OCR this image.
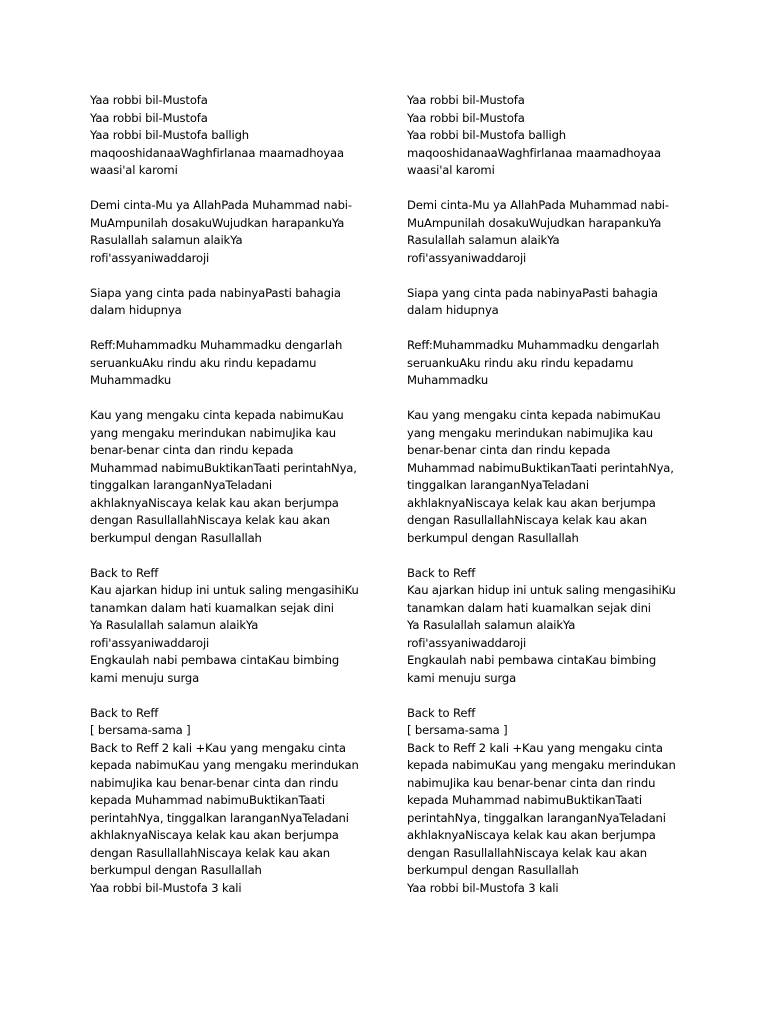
Yaa robbi bil-Mustofa
Yaa robbi bil-Mustofa
Yaa robbi bil-Mustofa balligh
maqooshidanaaWaghfirlanaa maamadhoyaa
waasi'al karomi
Demi cinta-Mu ya AllahPada Muhammad nabi-
MuAmpunilah dosakuWujudkan harapankuYa
Rasulallah salamun alaikYa
rofi'assyaniwaddaroji
Siapa yang cinta pada nabinyaPasti bahagia
dalam hidupnya
Reff:Muhammadku Muhammadku dengarlah
seruankuAku rindu aku rindu kepadamu
Muhammadku
Kau yang mengaku cinta kepada nabimuKau
yang mengaku merindukan nabimuJika kau
benar-benar cinta dan rindu kepada
Muhammad nabimuBuktikanTaati perintahNya,
tinggalkan laranganNyaTeladani
akhlaknyaNiscaya kelak kau akan berjumpa
dengan RasullallahNiscaya kelak kau akan
berkumpul dengan Rasullallah
Back to Reff
Kau ajarkan hidup ini untuk saling mengasihiKu
tanamkan dalam hati kuamalkan sejak dini
Ya Rasulallah salamun alaikYa
rofi'assyaniwaddaroji
Engkaulah nabi pembawa cintaKau bimbing
kami menuju surga
Back to Reff
[ bersama-sama ]
Back to Reff 2 kali +Kau yang mengaku cinta
kepada nabimuKau yang mengaku merindukan
nabimuJika kau benar-benar cinta dan rindu
kepada Muhammad nabimuBuktikanTaati
perintahNya, tinggalkan laranganNyaTeladani
akhlaknyaNiscaya kelak kau akan berjumpa
dengan RasullallahNiscaya kelak kau akan
berkumpul dengan Rasullallah
Yaa robbi bil-Mustofa 3 kali
Yaa robbi bil-Mustofa
Yaa robbi bil-Mustofa
Yaa robbi bil-Mustofa balligh
maqooshidanaaWaghfirlanaa maamadhoyaa
waasi'al karomi
Demi cinta-Mu ya AllahPada Muhammad nabi-
MuAmpunilah dosakuWujudkan harapankuYa
Rasulallah salamun alaikYa
rofi'assyaniwaddaroji
Siapa yang cinta pada nabinyaPasti bahagia
dalam hidupnya
Reff:Muhammadku Muhammadku dengarlah
seruankuAku rindu aku rindu kepadamu
Muhammadku
Kau yang mengaku cinta kepada nabimuKau
yang mengaku merindukan nabimuJika kau
benar-benar cinta dan rindu kepada
Muhammad nabimuBuktikanTaati perintahNya,
tinggalkan laranganNyaTeladani
akhlaknyaNiscaya kelak kau akan berjumpa
dengan RasullallahNiscaya kelak kau akan
berkumpul dengan Rasullallah
Back to Reff
Kau ajarkan hidup ini untuk saling mengasihiKu
tanamkan dalam hati kuamalkan sejak dini
Ya Rasulallah salamun alaikYa
rofi'assyaniwaddaroji
Engkaulah nabi pembawa cintaKau bimbing
kami menuju surga
Back to Reff
[ bersama-sama ]
Back to Reff 2 kali +Kau yang mengaku cinta
kepada nabimuKau yang mengaku merindukan
nabimuJika kau benar-benar cinta dan rindu
kepada Muhammad nabimuBuktikanTaati
perintahNya, tinggalkan laranganNyaTeladani
akhlaknyaNiscaya kelak kau akan berjumpa
dengan RasullallahNiscaya kelak kau akan
berkumpul dengan Rasullallah
Yaa robbi bil-Mustofa 3 kali
